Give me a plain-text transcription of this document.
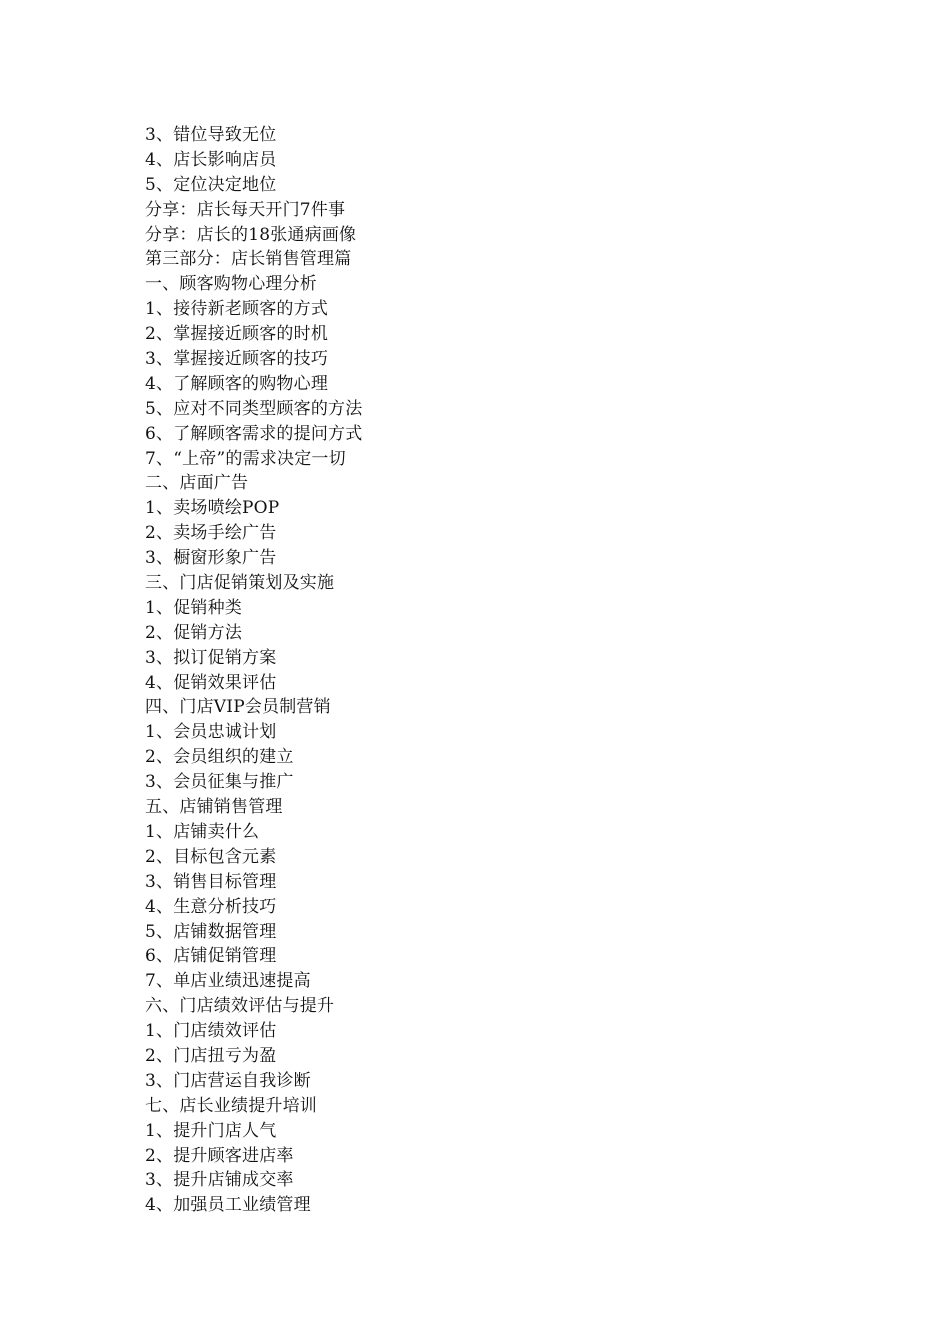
3、错位导致无位
4、店长影响店员
5、定位决定地位
分享：店长每天开门7件事
分享：店长的18张通病画像
第三部分：店长销售管理篇
一、顾客购物心理分析
1、接待新老顾客的方式
2、掌握接近顾客的时机
3、掌握接近顾客的技巧
4、了解顾客的购物心理
5、应对不同类型顾客的方法
6、了解顾客需求的提问方式
7、“上帝”的需求决定一切
二、店面广告
1、卖场喷绘POP
2、卖场手绘广告
3、橱窗形象广告
三、门店促销策划及实施
1、促销种类
2、促销方法
3、拟订促销方案
4、促销效果评估
四、门店VIP会员制营销
1、会员忠诚计划
2、会员组织的建立
3、会员征集与推广
五、店铺销售管理
1、店铺卖什么
2、目标包含元素
3、销售目标管理
4、生意分析技巧
5、店铺数据管理
6、店铺促销管理
7、单店业绩迅速提高
六、门店绩效评估与提升
1、门店绩效评估
2、门店扭亏为盈
3、门店营运自我诊断
七、店长业绩提升培训
1、提升门店人气
2、提升顾客进店率
3、提升店铺成交率
4、加强员工业绩管理
